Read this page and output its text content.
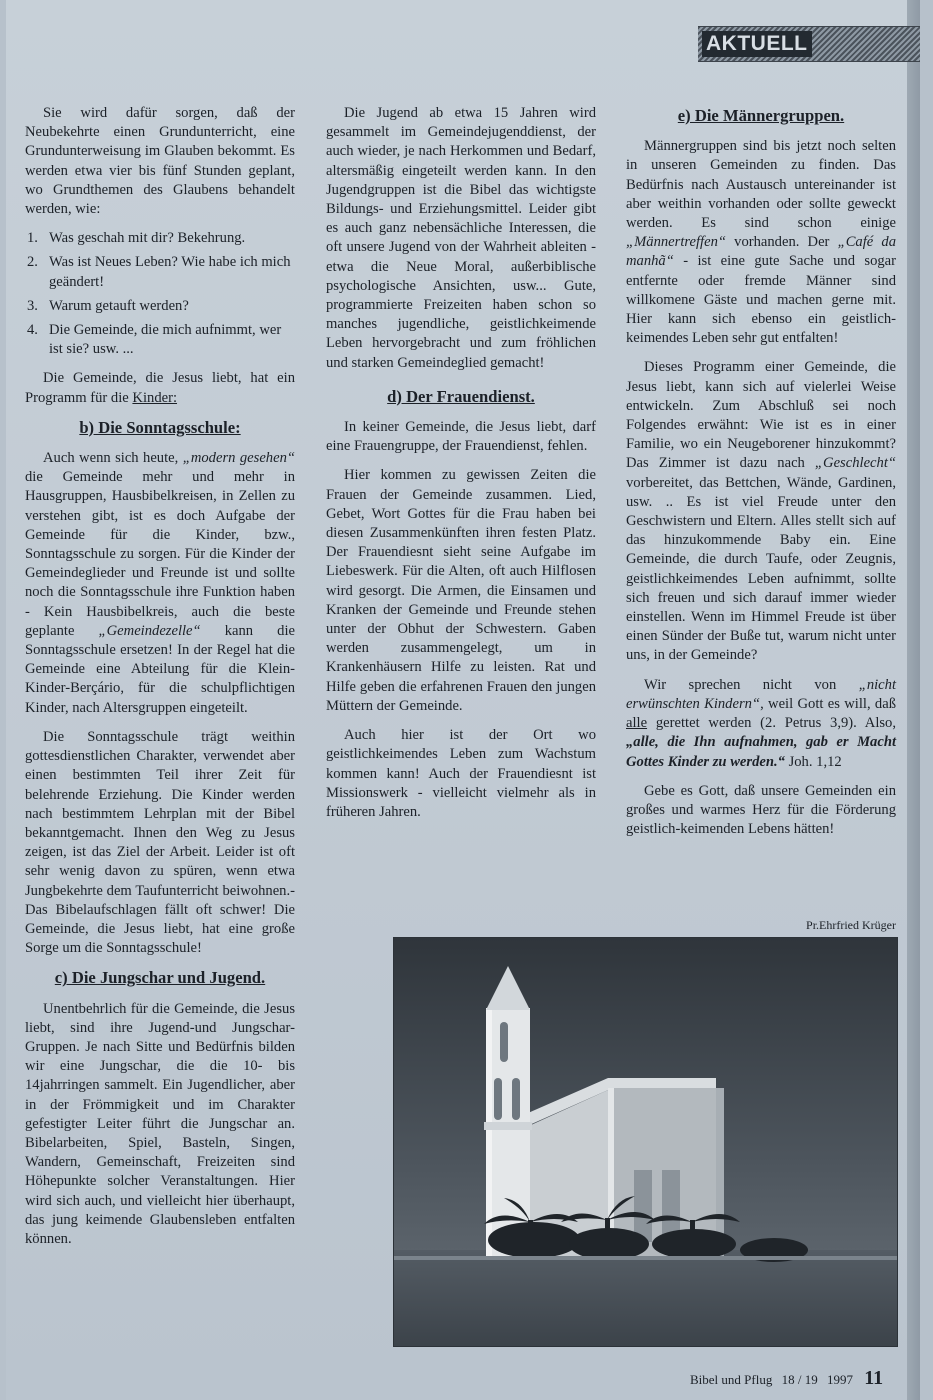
AKTUELL

Sie wird dafür sorgen, daß der Neubekehrte einen Grundunterricht, eine Grundunterweisung im Glauben bekommt. Es werden etwa vier bis fünf Stunden geplant, wo Grundthemen des Glaubens behandelt werden, wie:

1. Was geschah mit dir? Bekehrung.
2. Was ist Neues Leben? Wie habe ich mich geändert!
3. Warum getauft werden?
4. Die Gemeinde, die mich aufnimmt, wer ist sie? usw. ...

Die Gemeinde, die Jesus liebt, hat ein Programm für die Kinder:

b) Die Sonntagsschule:

Auch wenn sich heute, „modern gesehen“ die Gemeinde mehr und mehr in Hausgruppen, Hausbibelkreisen, in Zellen zu verstehen gibt, ist es doch Aufgabe der Gemeinde für die Kinder, bzw., Sonntagsschule zu sorgen. Für die Kinder der Gemeindeglieder und Freunde ist und sollte noch die Sonntagsschule ihre Funktion haben - Kein Hausbibelkreis, auch die beste geplante „Gemeindezelle“ kann die Sonntagsschule ersetzen! In der Regel hat die Gemeinde eine Abteilung für die Klein-Kinder-Berçário, für die schulpflichtigen Kinder, nach Altersgruppen eingeteilt.

Die Sonntagsschule trägt weithin gottesdienstlichen Charakter, verwendet aber einen bestimmten Teil ihrer Zeit für belehrende Erziehung. Die Kinder werden nach bestimmtem Lehrplan mit der Bibel bekanntgemacht. Ihnen den Weg zu Jesus zeigen, ist das Ziel der Arbeit. Leider ist oft sehr wenig davon zu spüren, wenn etwa Jungbekehrte dem Taufunterricht beiwohnen.- Das Bibelaufschlagen fällt oft schwer! Die Gemeinde, die Jesus liebt, hat eine große Sorge um die Sonntagsschule!

c) Die Jungschar und Jugend.

Unentbehrlich für die Gemeinde, die Jesus liebt, sind ihre Jugend-und Jungschar-Gruppen. Je nach Sitte und Bedürfnis bilden wir eine Jungschar, die die 10- bis 14jahrringen sammelt. Ein Jugendlicher, aber in der Frömmigkeit und im Charakter gefestigter Leiter führt die Jungschar an. Bibelarbeiten, Spiel, Basteln, Singen, Wandern, Gemeinschaft, Freizeiten sind Höhepunkte solcher Veranstaltungen. Hier wird sich auch, und vielleicht hier überhaupt, das jung keimende Glaubensleben entfalten können.

Die Jugend ab etwa 15 Jahren wird gesammelt im Gemeindejugenddienst, der auch wieder, je nach Herkommen und Bedarf, altersmäßig eingeteilt werden kann. In den Jugendgruppen ist die Bibel das wichtigste Bildungs- und Erziehungsmittel. Leider gibt es auch ganz nebensächliche Interessen, die oft unsere Jugend von der Wahrheit ableiten - etwa die Neue Moral, außerbiblische psychologische Ansichten, usw... Gute, programmierte Freizeiten haben schon so manches jugendliche, geistlichkeimende Leben hervorgebracht und zum fröhlichen und starken Gemeindeglied gemacht!

d) Der Frauendienst.

In keiner Gemeinde, die Jesus liebt, darf eine Frauengruppe, der Frauendienst, fehlen.

Hier kommen zu gewissen Zeiten die Frauen der Gemeinde zusammen. Lied, Gebet, Wort Gottes für die Frau haben bei diesen Zusammenkünften ihren festen Platz. Der Frauendiesnt sieht seine Aufgabe im Liebeswerk. Für die Alten, oft auch Hilflosen wird gesorgt. Die Armen, die Einsamen und Kranken der Gemeinde und Freunde stehen unter der Obhut der Schwestern. Gaben werden zusammengelegt, um in Krankenhäusern Hilfe zu leisten. Rat und Hilfe geben die erfahrenen Frauen den jungen Müttern der Gemeinde.

Auch hier ist der Ort wo geistlichkeimendes Leben zum Wachstum kommen kann! Auch der Frauendiesnt ist Missionswerk - vielleicht vielmehr als in früheren Jahren.

e) Die Männergruppen.

Männergruppen sind bis jetzt noch selten in unseren Gemeinden zu finden. Das Bedürfnis nach Austausch untereinander ist aber weithin vorhanden oder sollte geweckt werden. Es sind schon einige „Männertreffen“ vorhanden. Der „Café da manhã“ - ist eine gute Sache und sogar entfernte oder fremde Männer sind willkomene Gäste und machen gerne mit. Hier kann sich ebenso ein geistlich-keimendes Leben sehr gut entfalten!

Dieses Programm einer Gemeinde, die Jesus liebt, kann sich auf vielerlei Weise entwickeln. Zum Abschluß sei noch Folgendes erwähnt: Wie ist es in einer Familie, wo ein Neugeborener hinzukommt? Das Zimmer ist dazu nach „Geschlecht“ vorbereitet, das Bettchen, Wände, Gardinen, usw. .. Es ist viel Freude unter den Geschwistern und Eltern. Alles stellt sich auf das hinzukommende Baby ein. Eine Gemeinde, die durch Taufe, oder Zeugnis, geistlichkeimendes Leben aufnimmt, sollte sich freuen und sich darauf immer wieder einstellen. Wenn im Himmel Freude ist über einen Sünder der Buße tut, warum nicht unter uns, in der Gemeinde?

Wir sprechen nicht von „nicht erwünschten Kindern“, weil Gott es will, daß alle gerettet werden (2. Petrus 3,9). Also, „alle, die Ihn aufnahmen, gab er Macht Gottes Kinder zu werden.“ Joh. 1,12

Gebe es Gott, daß unsere Gemeinden ein großes und warmes Herz für die Förderung geistlich-keimenden Lebens hätten!

Pr.Ehrfried Krüger
Bibel und Pflug 18 / 19 1997 11
